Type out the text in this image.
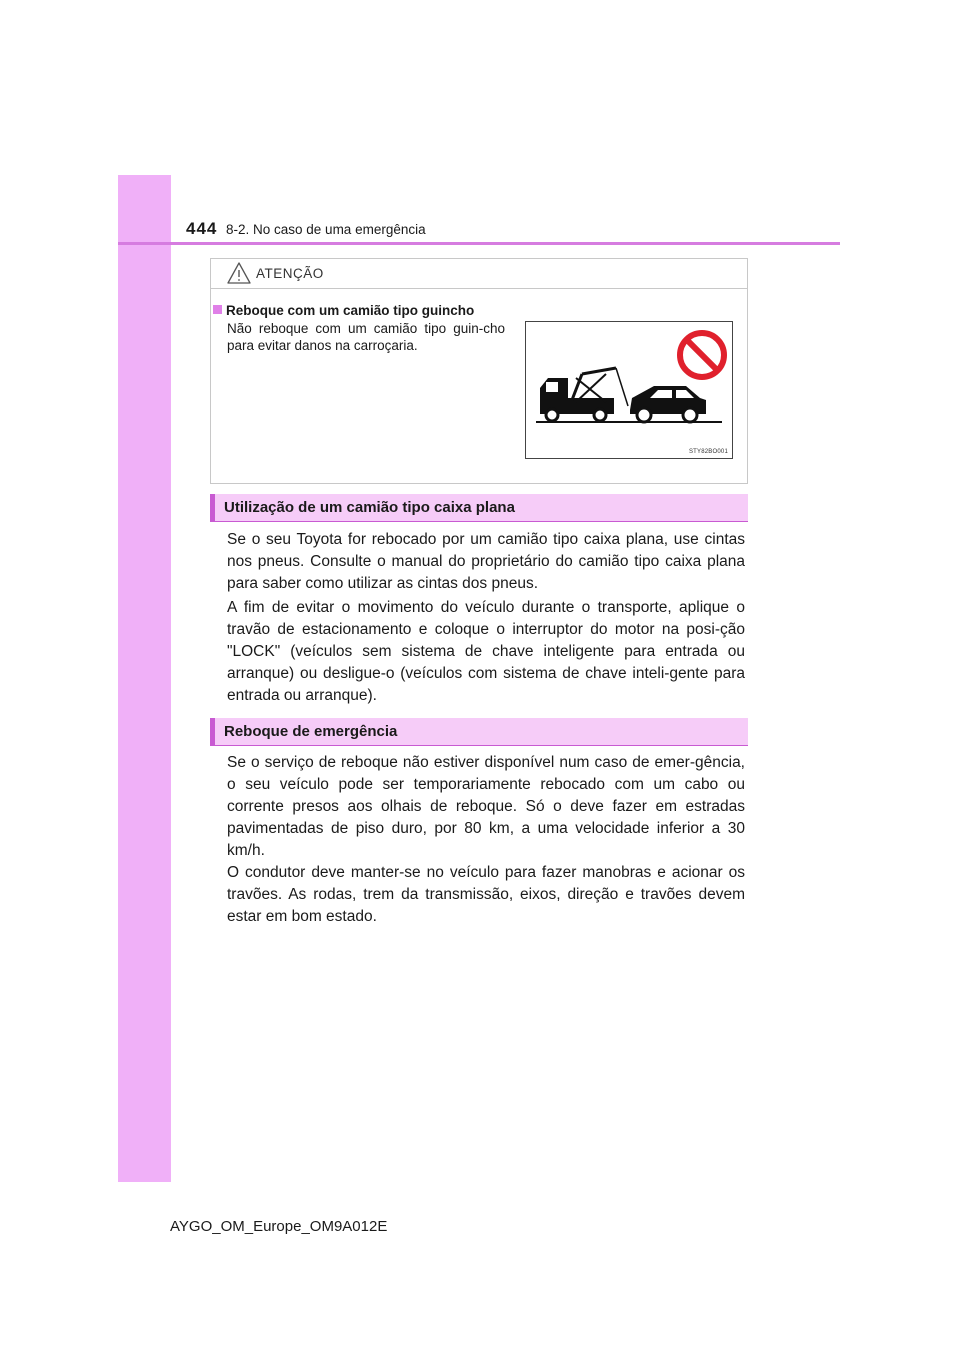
444 8-2. No caso de uma emergência
ATENÇÃO
Reboque com um camião tipo guincho
Não reboque com um camião tipo guin-cho para evitar danos na carroçaria.
STY82BO001
Utilização de um camião tipo caixa plana

Se o seu Toyota for rebocado por um camião tipo caixa plana, use cintas nos pneus. Consulte o manual do proprietário do camião tipo caixa plana para saber como utilizar as cintas dos pneus.

A fim de evitar o movimento do veículo durante o transporte, aplique o travão de estacionamento e coloque o interruptor do motor na posi-ção "LOCK" (veículos sem sistema de chave inteligente para entrada ou arranque) ou desligue-o (veículos com sistema de chave inteli-gente para entrada ou arranque).

Reboque de emergência

Se o serviço de reboque não estiver disponível num caso de emer-gência, o seu veículo pode ser temporariamente rebocado com um cabo ou corrente presos aos olhais de reboque. Só o deve fazer em estradas pavimentadas de piso duro, por 80 km, a uma velocidade inferior a 30 km/h.

O condutor deve manter-se no veículo para fazer manobras e acionar os travões. As rodas, trem da transmissão, eixos, direção e travões devem estar em bom estado.

AYGO_OM_Europe_OM9A012E
